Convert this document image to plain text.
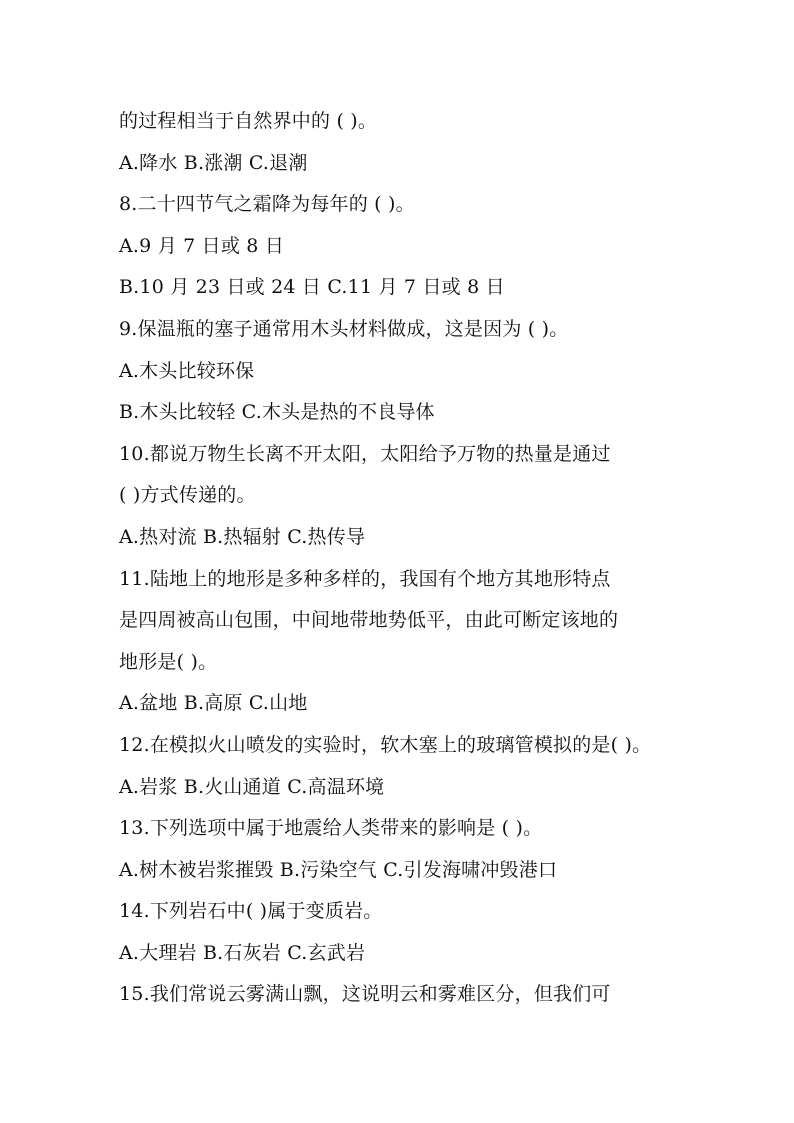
的过程相当于自然界中的 ( )。
A.降水 B.涨潮 C.退潮
8.二十四节气之霜降为每年的 ( )。
A.9 月 7 日或 8 日
B.10 月 23 日或 24 日 C.11 月 7 日或 8 日
9.保温瓶的塞子通常用木头材料做成，这是因为 ( )。
A.木头比较环保
B.木头比较轻 C.木头是热的不良导体
10.都说万物生长离不开太阳，太阳给予万物的热量是通过
( )方式传递的。
A.热对流 B.热辐射 C.热传导
11.陆地上的地形是多种多样的，我国有个地方其地形特点
是四周被高山包围，中间地带地势低平，由此可断定该地的
地形是( )。
A.盆地 B.高原 C.山地
12.在模拟火山喷发的实验时，软木塞上的玻璃管模拟的是( )。
A.岩浆 B.火山通道 C.高温环境
13.下列选项中属于地震给人类带来的影响是 ( )。
A.树木被岩浆摧毁 B.污染空气 C.引发海啸冲毁港口
14.下列岩石中( )属于变质岩。
A.大理岩 B.石灰岩 C.玄武岩
15.我们常说云雾满山飘，这说明云和雾难区分，但我们可
